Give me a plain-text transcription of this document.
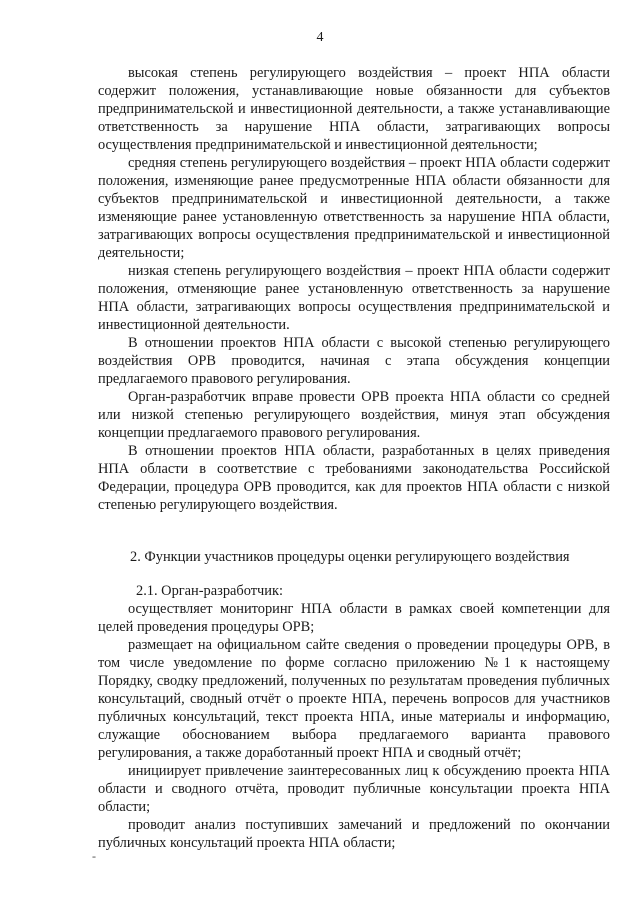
4

высокая степень регулирующего воздействия – проект НПА области содержит положения, устанавливающие новые обязанности для субъектов предпринимательской и инвестиционной деятельности, а также устанавливающие ответственность за нарушение НПА области, затрагивающих вопросы осуществления предпринимательской и инвестиционной деятельности;

средняя степень регулирующего воздействия – проект НПА области содержит положения, изменяющие ранее предусмотренные НПА области обязанности для субъектов предпринимательской и инвестиционной деятельности, а также изменяющие ранее установленную ответственность за нарушение НПА области, затрагивающих вопросы осуществления предпринимательской и инвестиционной деятельности;

низкая степень регулирующего воздействия – проект НПА области содержит положения, отменяющие ранее установленную ответственность за нарушение НПА области, затрагивающих вопросы осуществления предпринимательской и инвестиционной деятельности.

В отношении проектов НПА области с высокой степенью регулирующего воздействия ОРВ проводится, начиная с этапа обсуждения концепции предлагаемого правового регулирования.

Орган-разработчик вправе провести ОРВ проекта НПА области со средней или низкой степенью регулирующего воздействия, минуя этап обсуждения концепции предлагаемого правового регулирования.

В отношении проектов НПА области, разработанных в целях приведения НПА области в соответствие с требованиями законодательства Российской Федерации, процедура ОРВ проводится, как для проектов НПА области с низкой степенью регулирующего воздействия.

2. Функции участников процедуры оценки регулирующего воздействия

2.1. Орган-разработчик:

осуществляет мониторинг НПА области в рамках своей компетенции для целей проведения процедуры ОРВ;

размещает на официальном сайте сведения о проведении процедуры ОРВ, в том числе уведомление по форме согласно приложению №1 к настоящему Порядку, сводку предложений, полученных по результатам проведения публичных консультаций, сводный отчёт о проекте НПА, перечень вопросов для участников публичных консультаций, текст проекта НПА, иные материалы и информацию, служащие обоснованием выбора предлагаемого варианта правового регулирования, а также доработанный проект НПА и сводный отчёт;

инициирует привлечение заинтересованных лиц к обсуждению проекта НПА области и сводного отчёта, проводит публичные консультации проекта НПА области;

проводит анализ поступивших замечаний и предложений по окончании публичных консультаций проекта НПА области;

-
